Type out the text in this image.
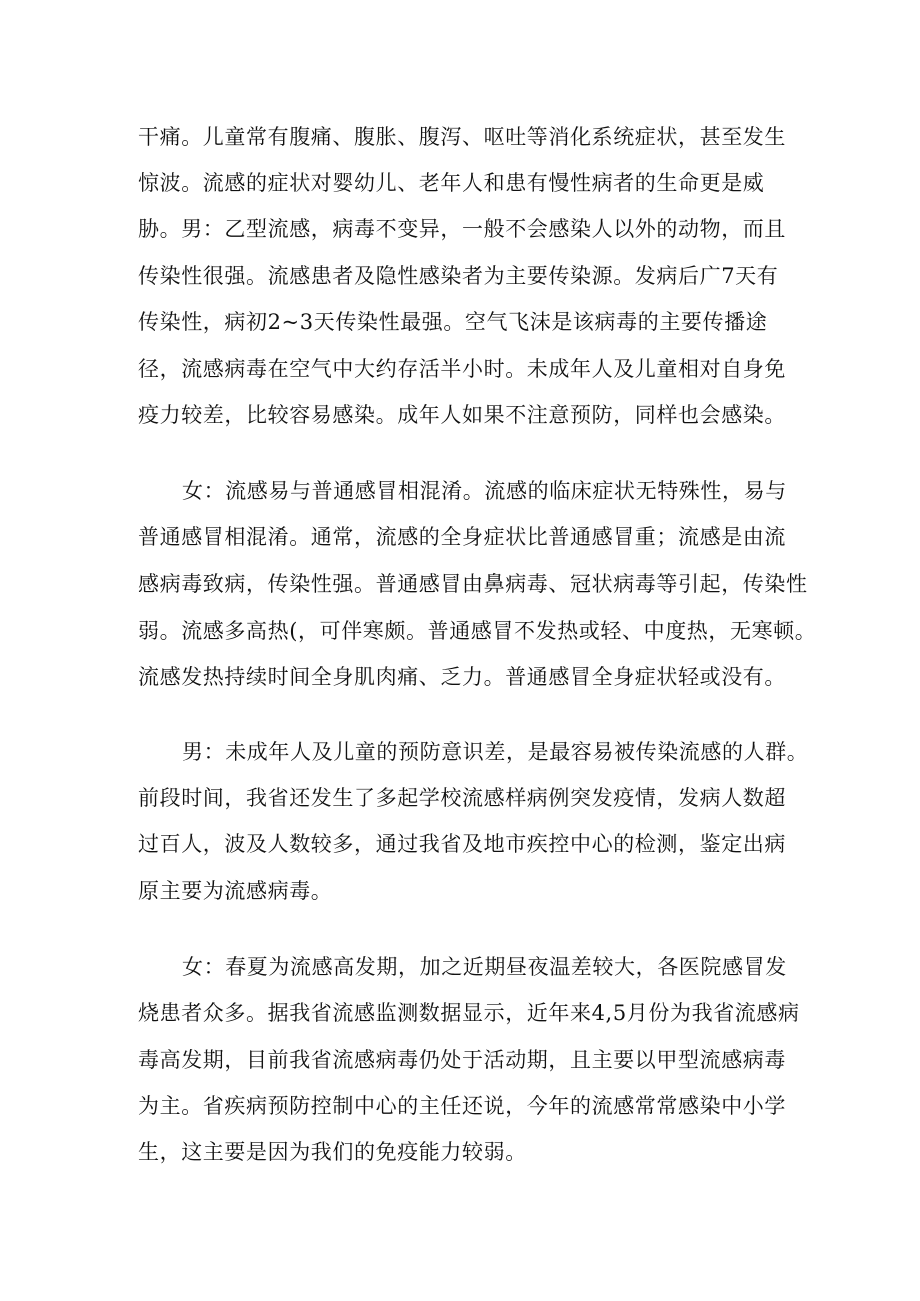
干痛。儿童常有腹痛、腹胀、腹泻、呕吐等消化系统症状，甚至发生
惊波。流感的症状对婴幼儿、老年人和患有慢性病者的生命更是威
胁。男：乙型流感，病毒不变异，一般不会感染人以外的动物，而且
传染性很强。流感患者及隐性感染者为主要传染源。发病后广7天有
传染性，病初2~3天传染性最强。空气飞沫是该病毒的主要传播途
径，流感病毒在空气中大约存活半小时。未成年人及儿童相对自身免
疫力较差，比较容易感染。成年人如果不注意预防，同样也会感染。
女：流感易与普通感冒相混淆。流感的临床症状无特殊性，易与
普通感冒相混淆。通常，流感的全身症状比普通感冒重；流感是由流
感病毒致病，传染性强。普通感冒由鼻病毒、冠状病毒等引起，传染性
弱。流感多高热(，可伴寒颇。普通感冒不发热或轻、中度热，无寒顿。
流感发热持续时间全身肌肉痛、乏力。普通感冒全身症状轻或没有。
男：未成年人及儿童的预防意识差，是最容易被传染流感的人群。
前段时间，我省还发生了多起学校流感样病例突发疫情，发病人数超
过百人，波及人数较多，通过我省及地市疾控中心的检测，鉴定出病
原主要为流感病毒。
女：春夏为流感高发期，加之近期昼夜温差较大，各医院感冒发
烧患者众多。据我省流感监测数据显示，近年来4,5月份为我省流感病
毒高发期，目前我省流感病毒仍处于活动期，且主要以甲型流感病毒
为主。省疾病预防控制中心的主任还说，今年的流感常常感染中小学
生，这主要是因为我们的免疫能力较弱。
